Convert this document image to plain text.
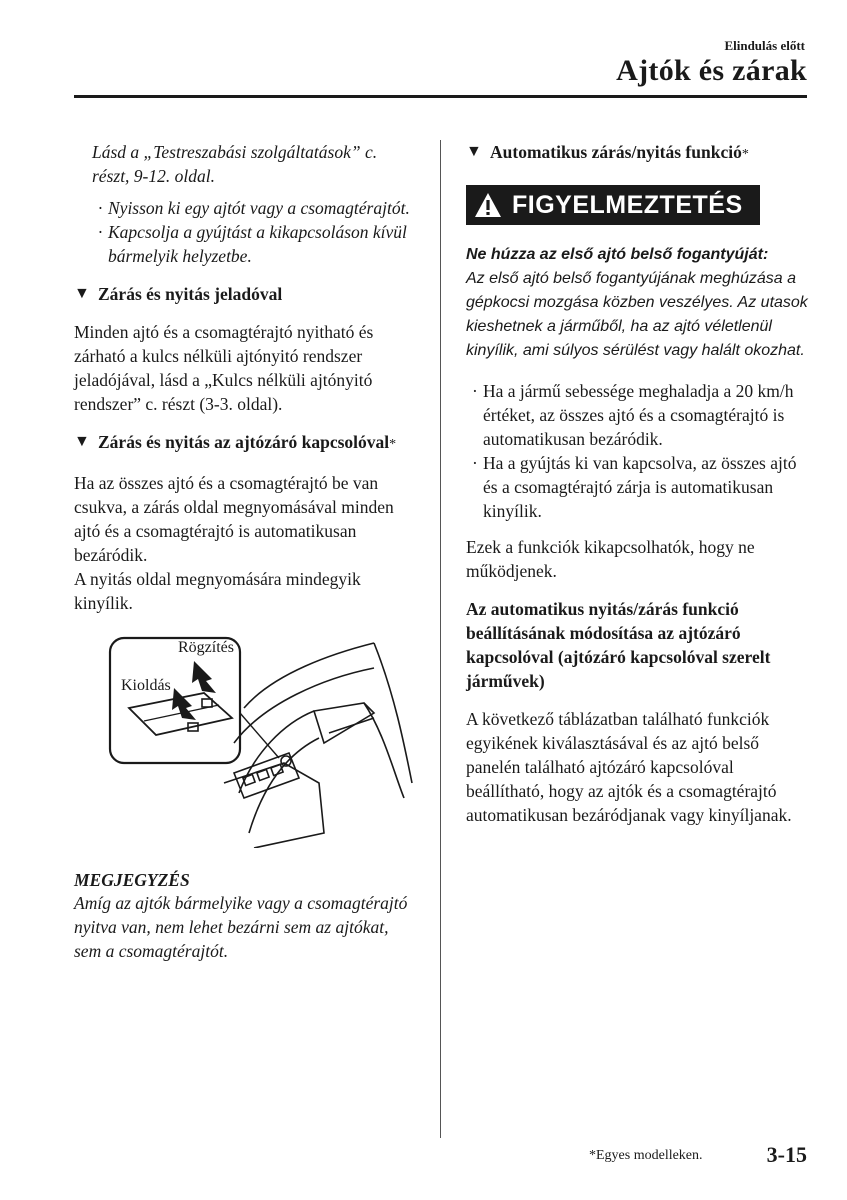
Elindulás előtt
Ajtók és zárak

Lásd a „Testreszabási szolgáltatások” c. részt, 9-12. oldal.

· Nyisson ki egy ajtót vagy a csomagtérajtót.
· Kapcsolja a gyújtást a kikapcsoláson kívül bármelyik helyzetbe.
▼ Zárás és nyitás jeladóval

Minden ajtó és a csomagtérajtó nyitható és zárható a kulcs nélküli ajtónyitó rendszer jeladójával, lásd a „Kulcs nélküli ajtónyitó rendszer” c. részt (3-3. oldal).

▼ Zárás és nyitás az ajtózáró kapcsolóval*

Ha az összes ajtó és a csomagtérajtó be van csukva, a zárás oldal megnyomásával minden ajtó és a csomagtérajtó is automatikusan bezáródik.

A nyitás oldal megnyomására mindegyik kinyílik.

Rögzítés
Kioldás
MEGJEGYZÉS

Amíg az ajtók bármelyike vagy a csomagtérajtó nyitva van, nem lehet bezárni sem az ajtókat, sem a csomagtérajtót.

▼ Automatikus zárás/nyitás funkció*
FIGYELMEZTETÉS
Ne húzza az első ajtó belső fogantyúját:

Az első ajtó belső fogantyújának meghúzása a gépkocsi mozgása közben veszélyes. Az utasok kieshetnek a járműből, ha az ajtó véletlenül kinyílik, ami súlyos sérülést vagy halált okozhat.

· Ha a jármű sebessége meghaladja a 20 km/h értéket, az összes ajtó és a csomagtérajtó is automatikusan bezáródik.
· Ha a gyújtás ki van kapcsolva, az összes ajtó és a csomagtérajtó zárja is automatikusan kinyílik.

Ezek a funkciók kikapcsolhatók, hogy ne működjenek.

Az automatikus nyitás/zárás funkció beállításának módosítása az ajtózáró kapcsolóval (ajtózáró kapcsolóval szerelt járművek)

A következő táblázatban található funkciók egyikének kiválasztásával és az ajtó belső panelén található ajtózáró kapcsolóval beállítható, hogy az ajtók és a csomagtérajtó automatikusan bezáródjanak vagy kinyíljanak.

*Egyes modelleken.	3-15
